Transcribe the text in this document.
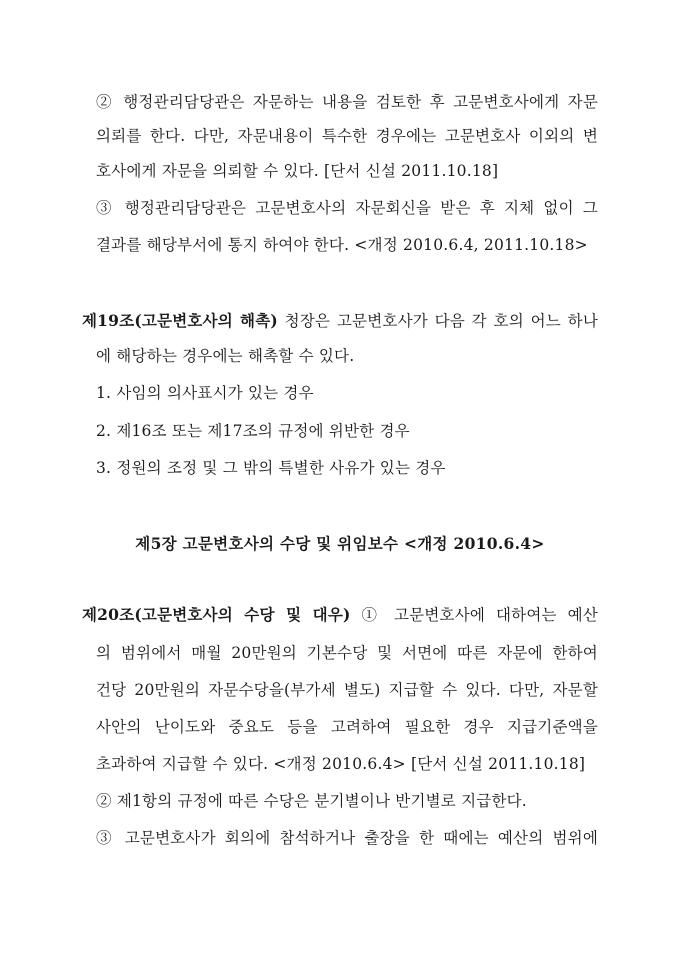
② 행정관리담당관은 자문하는 내용을 검토한 후 고문변호사에게 자문
의뢰를 한다. 다만, 자문내용이 특수한 경우에는 고문변호사 이외의 변
호사에게 자문을 의뢰할 수 있다. [단서 신설 2011.10.18]
③ 행정관리담당관은 고문변호사의 자문회신을 받은 후 지체 없이 그
결과를 해당부서에 통지 하여야 한다. <개정 2010.6.4, 2011.10.18>
제19조(고문변호사의 해촉) 청장은 고문변호사가 다음 각 호의 어느 하나
에 해당하는 경우에는 해촉할 수 있다.
1. 사임의 의사표시가 있는 경우
2. 제16조 또는 제17조의 규정에 위반한 경우
3. 정원의 조정 및 그 밖의 특별한 사유가 있는 경우
제5장 고문변호사의 수당 및 위임보수 <개정 2010.6.4>
제20조(고문변호사의 수당 및 대우) ① 고문변호사에 대하여는 예산
의 범위에서 매월 20만원의 기본수당 및 서면에 따른 자문에 한하여
건당 20만원의 자문수당을(부가세 별도) 지급할 수 있다. 다만, 자문할
사안의 난이도와 중요도 등을 고려하여 필요한 경우 지급기준액을
초과하여 지급할 수 있다. <개정 2010.6.4> [단서 신설 2011.10.18]
② 제1항의 규정에 따른 수당은 분기별이나 반기별로 지급한다.
③ 고문변호사가 회의에 참석하거나 출장을 한 때에는 예산의 범위에
